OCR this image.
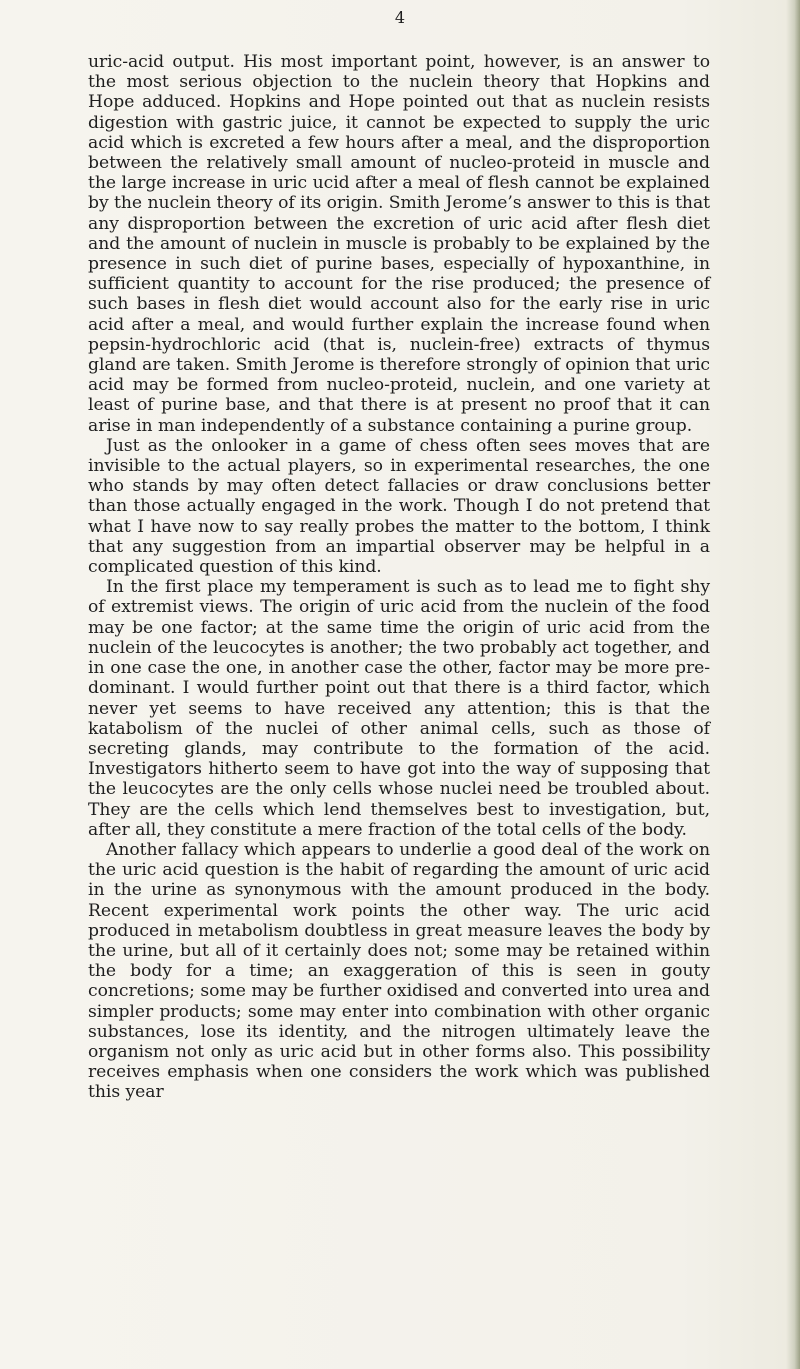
4

uric-acid output. His most important point, however, is an answer to the most serious objection to the nuclein theory that Hopkins and Hope adduced. Hopkins and Hope pointed out that as nuclein resists digestion with gastric juice, it cannot be expected to supply the uric acid which is excreted a few hours after a meal, and the disproportion between the relatively small amount of nucleo-proteid in muscle and the large increase in uric ucid after a meal of flesh cannot be explained by the nuclein theory of its origin. Smith Jerome’s answer to this is that any disproportion between the excretion of uric acid after flesh diet and the amount of nuclein in muscle is probably to be explained by the presence in such diet of purine bases, especially of hypoxanthine, in sufficient quantity to account for the rise produced; the presence of such bases in flesh diet would account also for the early rise in uric acid after a meal, and would further explain the increase found when pepsin-hydrochloric acid (that is, nuclein-free) extracts of thymus gland are taken. Smith Jerome is therefore strongly of opinion that uric acid may be formed from nucleo-proteid, nuclein, and one variety at least of purine base, and that there is at present no proof that it can arise in man independently of a substance containing a purine group.

Just as the onlooker in a game of chess often sees moves that are invisible to the actual players, so in experimental researches, the one who stands by may often detect fallacies or draw conclusions better than those actually engaged in the work. Though I do not pretend that what I have now to say really probes the matter to the bottom, I think that any suggestion from an impartial observer may be helpful in a complicated question of this kind.

In the first place my temperament is such as to lead me to fight shy of extremist views. The origin of uric acid from the nuclein of the food may be one factor; at the same time the origin of uric acid from the nuclein of the leucocytes is another; the two probably act together, and in one case the one, in another case the other, factor may be more pre-dominant. I would further point out that there is a third factor, which never yet seems to have received any attention; this is that the katabolism of the nuclei of other animal cells, such as those of secreting glands, may contribute to the formation of the acid. Investigators hitherto seem to have got into the way of supposing that the leucocytes are the only cells whose nuclei need be troubled about. They are the cells which lend themselves best to investigation, but, after all, they constitute a mere fraction of the total cells of the body.

Another fallacy which appears to underlie a good deal of the work on the uric acid question is the habit of regarding the amount of uric acid in the urine as synonymous with the amount produced in the body. Recent experimental work points the other way. The uric acid produced in metabolism doubtless in great measure leaves the body by the urine, but all of it certainly does not; some may be retained within the body for a time; an exaggeration of this is seen in gouty concretions; some may be further oxidised and converted into urea and simpler products; some may enter into combination with other organic substances, lose its identity, and the nitrogen ultimately leave the organism not only as uric acid but in other forms also. This possibility receives emphasis when one considers the work which was published this year
